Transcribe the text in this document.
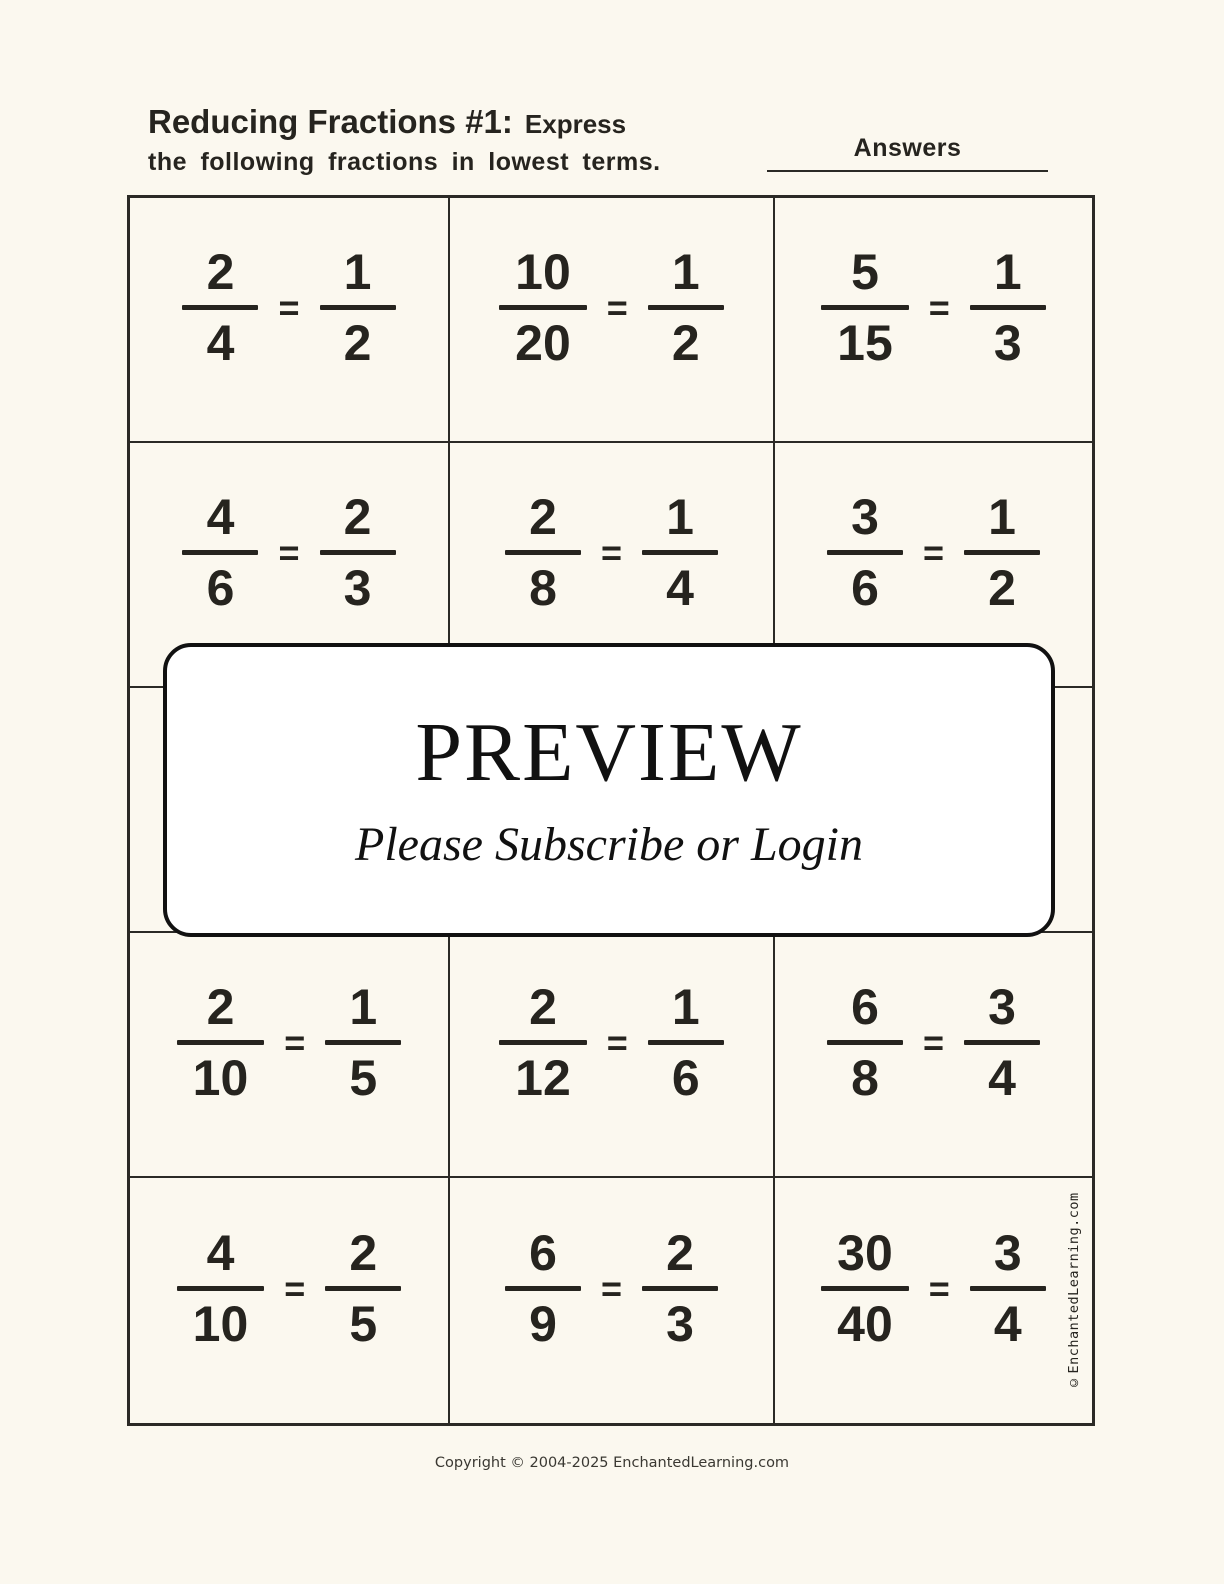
Reducing Fractions #1: Express
the following fractions in lowest terms.
Answers
2
4
=
1
2
10
20
=
1
2
5
15
=
1
3
4
6
=
2
3
2
8
=
1
4
3
6
=
1
2
2
10
=
1
5
2
12
=
1
6
6
8
=
3
4
4
10
=
2
5
6
9
=
2
3
30
40
=
3
4
PREVIEW
Please Subscribe or Login
©EnchantedLearning.com
Copyright © 2004-2025 EnchantedLearning.com
